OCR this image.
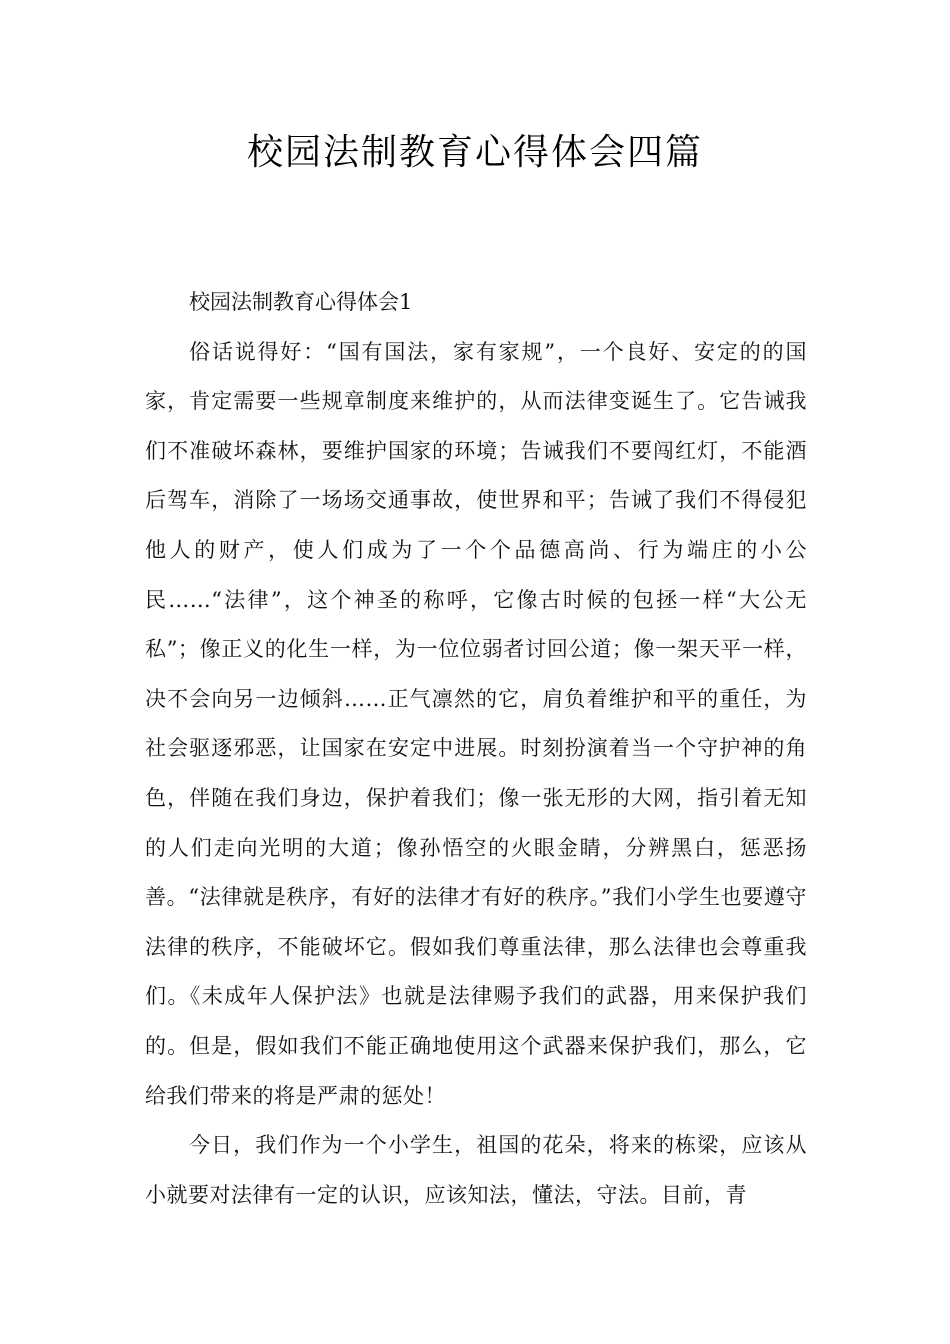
校园法制教育心得体会四篇

校园法制教育心得体会1

俗话说得好：“国有国法，家有家规”，一个良好、安定的的国家，肯定需要一些规章制度来维护的，从而法律变诞生了。它告诫我们不准破坏森林，要维护国家的环境；告诫我们不要闯红灯，不能酒后驾车，消除了一场场交通事故，使世界和平；告诫了我们不得侵犯他人的财产，使人们成为了一个个品德高尚、行为端庄的小公民……“法律”，这个神圣的称呼，它像古时候的包拯一样“大公无私”；像正义的化生一样，为一位位弱者讨回公道；像一架天平一样，决不会向另一边倾斜……正气凛然的它，肩负着维护和平的重任，为社会驱逐邪恶，让国家在安定中进展。时刻扮演着当一个守护神的角色，伴随在我们身边，保护着我们；像一张无形的大网，指引着无知的人们走向光明的大道；像孙悟空的火眼金睛，分辨黑白，惩恶扬善。“法律就是秩序，有好的法律才有好的秩序。”我们小学生也要遵守法律的秩序，不能破坏它。假如我们尊重法律，那么法律也会尊重我们。《未成年人保护法》也就是法律赐予我们的武器，用来保护我们的。但是，假如我们不能正确地使用这个武器来保护我们，那么，它给我们带来的将是严肃的惩处！

今日，我们作为一个小学生，祖国的花朵，将来的栋梁，应该从小就要对法律有一定的认识，应该知法，懂法，守法。目前，青
